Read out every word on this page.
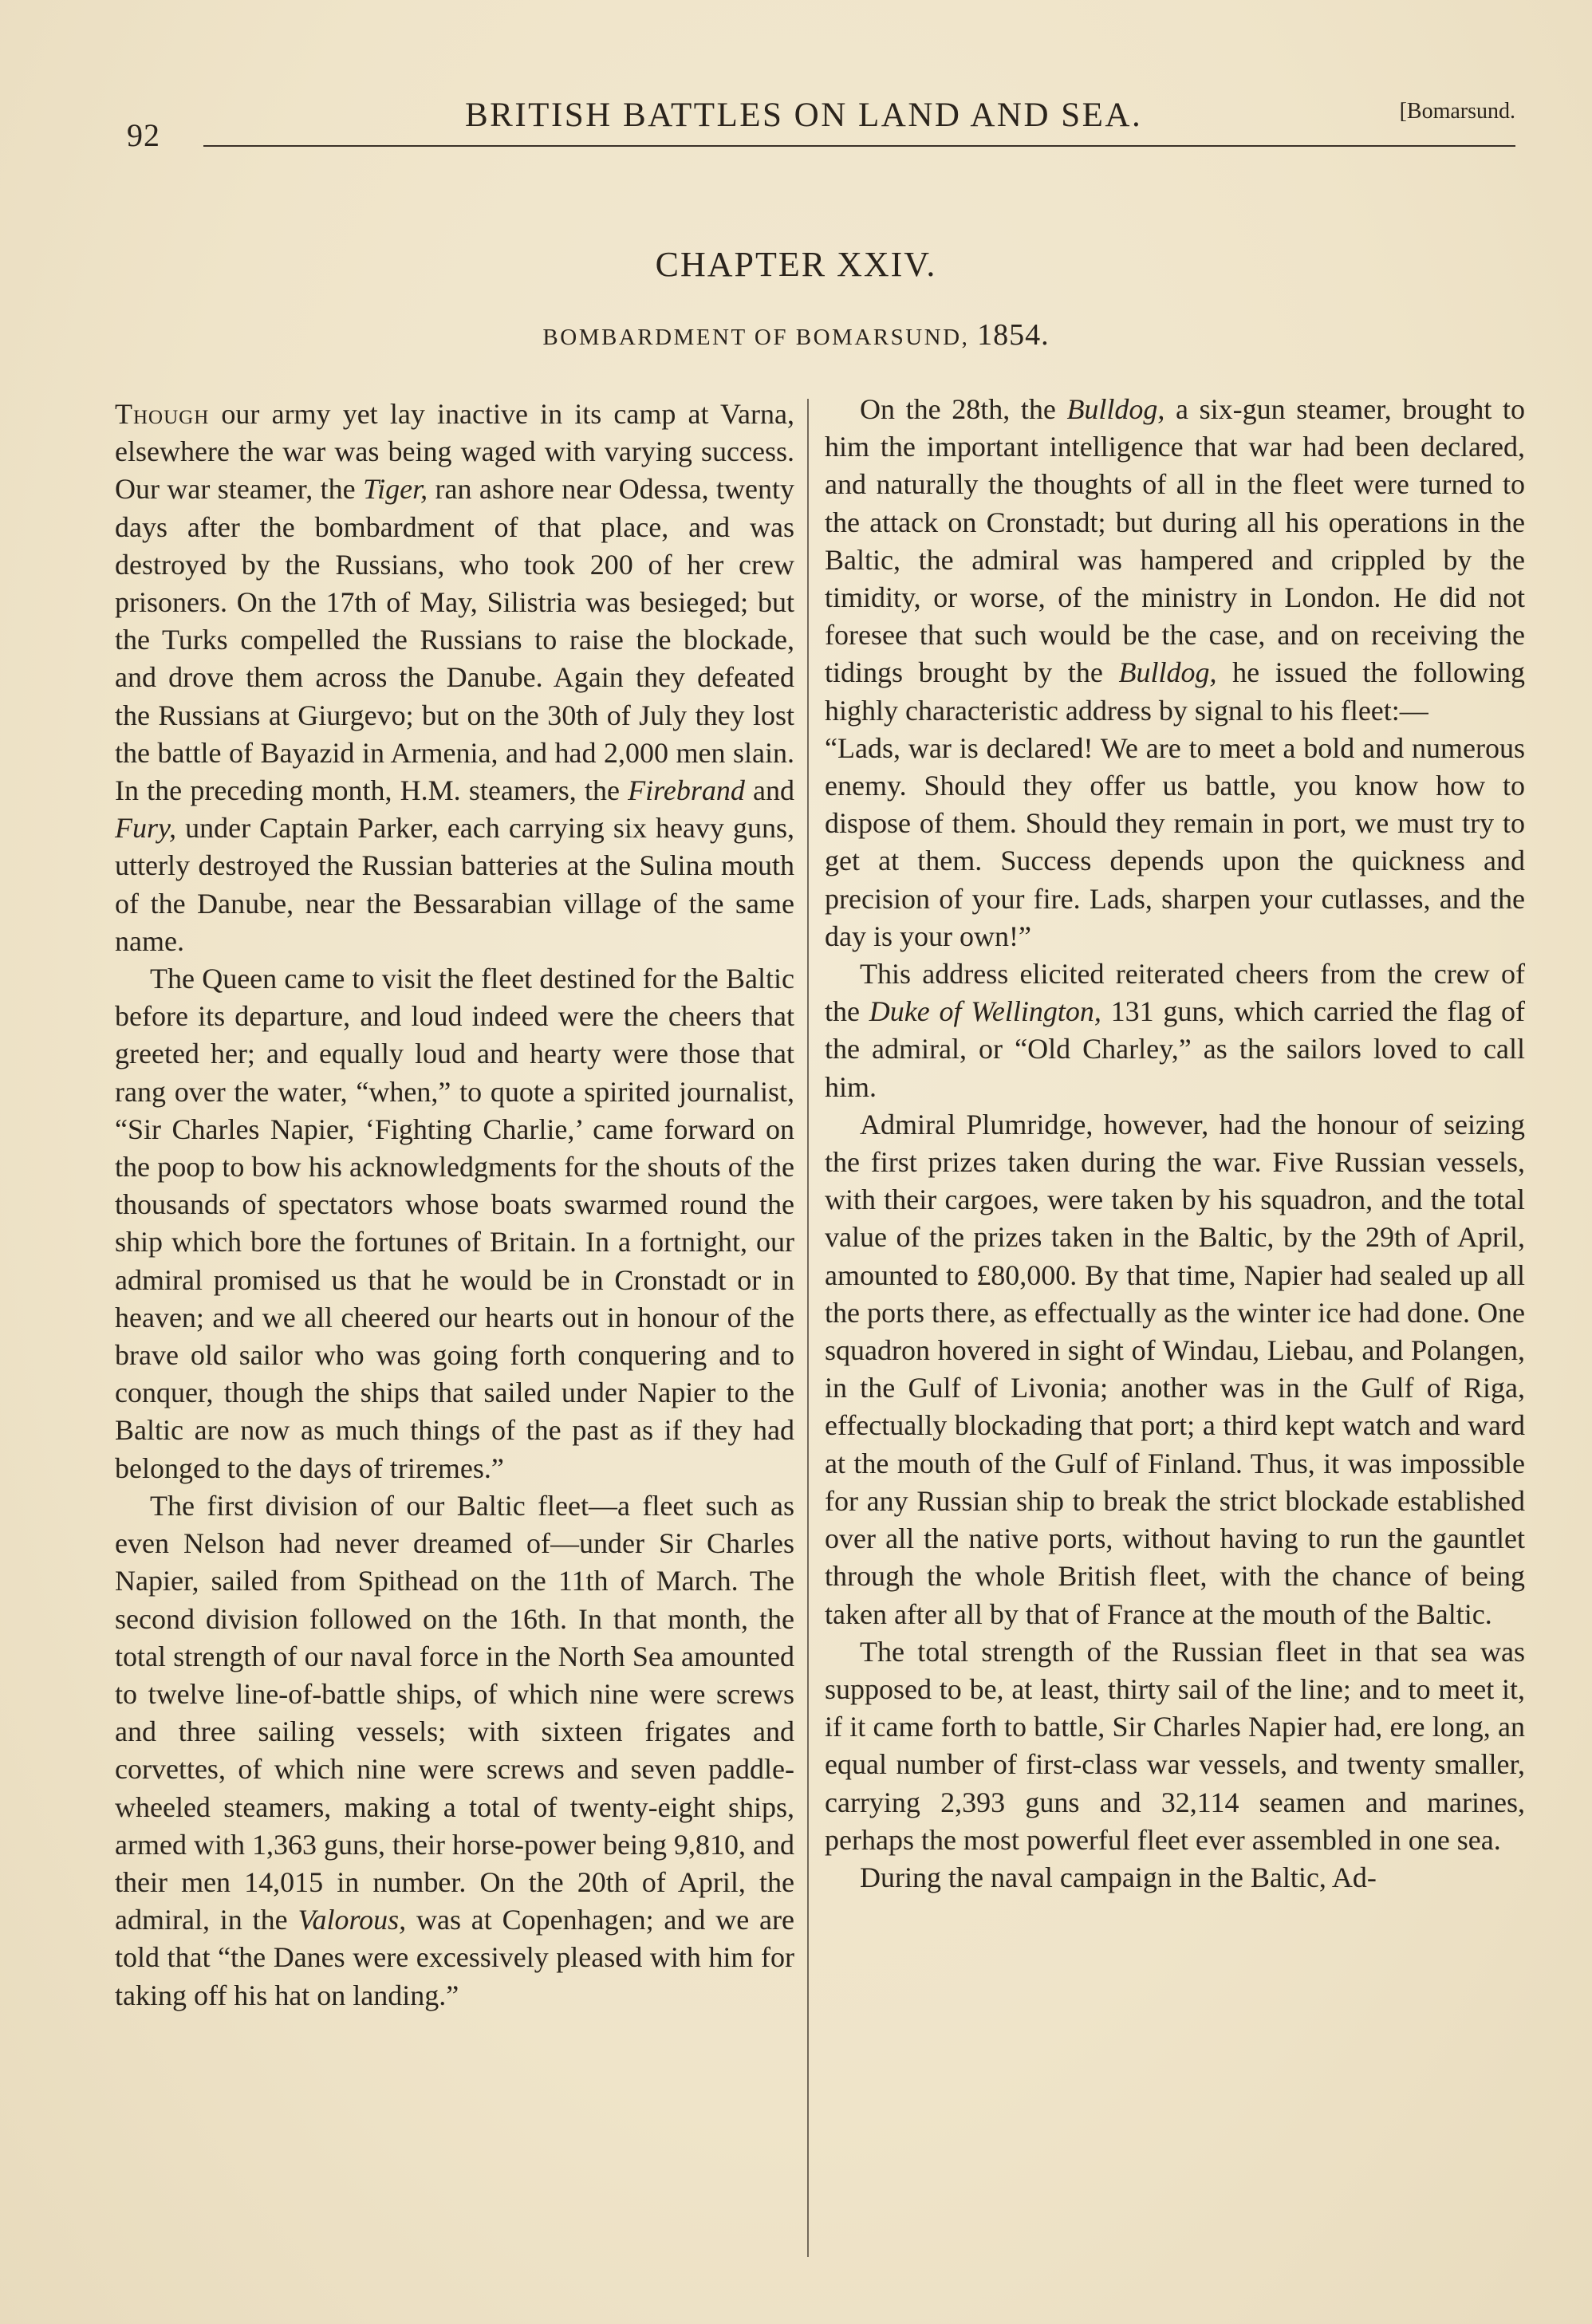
92
BRITISH BATTLES ON LAND AND SEA.	[Bomarsund.
CHAPTER XXIV.
BOMBARDMENT OF BOMARSUND, 1854.

Though our army yet lay inactive in its camp at Varna, elsewhere the war was being waged with varying success. Our war steamer, the Tiger, ran ashore near Odessa, twenty days after the bombardment of that place, and was destroyed by the Russians, who took 200 of her crew prisoners. On the 17th of May, Silistria was besieged; but the Turks compelled the Russians to raise the blockade, and drove them across the Danube. Again they defeated the Russians at Giurgevo; but on the 30th of July they lost the battle of Bayazid in Armenia, and had 2,000 men slain. In the preceding month, H.M. steamers, the Firebrand and Fury, under Captain Parker, each carrying six heavy guns, utterly destroyed the Russian batteries at the Sulina mouth of the Danube, near the Bessarabian village of the same name.

The Queen came to visit the fleet destined for the Baltic before its departure, and loud indeed were the cheers that greeted her; and equally loud and hearty were those that rang over the water, “when,” to quote a spirited journalist, “Sir Charles Napier, ‘Fighting Charlie,’ came forward on the poop to bow his acknowledgments for the shouts of the thousands of spectators whose boats swarmed round the ship which bore the fortunes of Britain. In a fortnight, our admiral promised us that he would be in Cronstadt or in heaven; and we all cheered our hearts out in honour of the brave old sailor who was going forth conquering and to conquer, though the ships that sailed under Napier to the Baltic are now as much things of the past as if they had belonged to the days of triremes.”

The first division of our Baltic fleet—a fleet such as even Nelson had never dreamed of—under Sir Charles Napier, sailed from Spithead on the 11th of March. The second division followed on the 16th. In that month, the total strength of our naval force in the North Sea amounted to twelve line-of-battle ships, of which nine were screws and three sailing vessels; with sixteen frigates and corvettes, of which nine were screws and seven paddle-wheeled steamers, making a total of twenty-eight ships, armed with 1,363 guns, their horse-power being 9,810, and their men 14,015 in number. On the 20th of April, the admiral, in the Valorous, was at Copenhagen; and we are told that “the Danes were excessively pleased with him for taking off his hat on landing.”

On the 28th, the Bulldog, a six-gun steamer, brought to him the important intelligence that war had been declared, and naturally the thoughts of all in the fleet were turned to the attack on Cronstadt; but during all his operations in the Baltic, the admiral was hampered and crippled by the timidity, or worse, of the ministry in London. He did not foresee that such would be the case, and on receiving the tidings brought by the Bulldog, he issued the following highly characteristic address by signal to his fleet:—

“Lads, war is declared! We are to meet a bold and numerous enemy. Should they offer us battle, you know how to dispose of them. Should they remain in port, we must try to get at them. Success depends upon the quickness and precision of your fire. Lads, sharpen your cutlasses, and the day is your own!”

This address elicited reiterated cheers from the crew of the Duke of Wellington, 131 guns, which carried the flag of the admiral, or “Old Charley,” as the sailors loved to call him.

Admiral Plumridge, however, had the honour of seizing the first prizes taken during the war. Five Russian vessels, with their cargoes, were taken by his squadron, and the total value of the prizes taken in the Baltic, by the 29th of April, amounted to £80,000. By that time, Napier had sealed up all the ports there, as effectually as the winter ice had done. One squadron hovered in sight of Windau, Liebau, and Polangen, in the Gulf of Livonia; another was in the Gulf of Riga, effectually blockading that port; a third kept watch and ward at the mouth of the Gulf of Finland. Thus, it was impossible for any Russian ship to break the strict blockade established over all the native ports, without having to run the gauntlet through the whole British fleet, with the chance of being taken after all by that of France at the mouth of the Baltic.

The total strength of the Russian fleet in that sea was supposed to be, at least, thirty sail of the line; and to meet it, if it came forth to battle, Sir Charles Napier had, ere long, an equal number of first-class war vessels, and twenty smaller, carrying 2,393 guns and 32,114 seamen and marines, perhaps the most powerful fleet ever assembled in one sea.

During the naval campaign in the Baltic, Ad-
